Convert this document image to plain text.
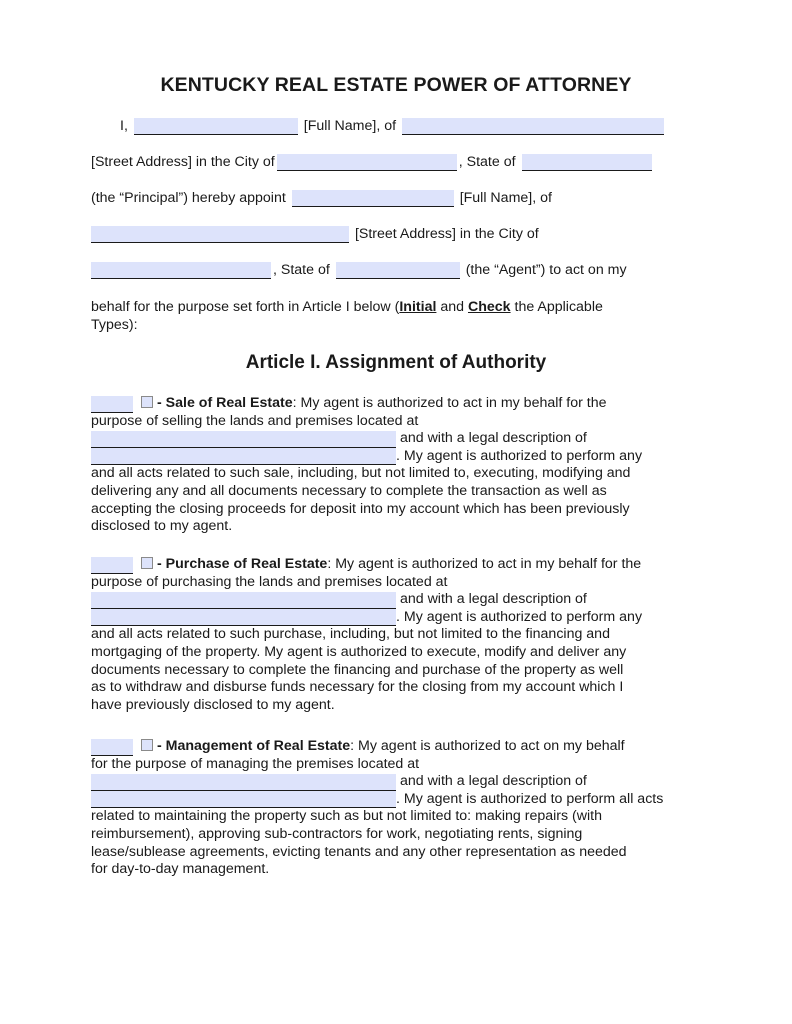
KENTUCKY REAL ESTATE POWER OF ATTORNEY
I,	[Full Name], of
[Street Address] in the City of	, State of
(the “Principal”) hereby appoint	[Full Name], of
[Street Address] in the City of
, State of	(the “Agent”) to act on my
behalf for the purpose set forth in Article I below (Initial and Check the Applicable
Types):
Article I. Assignment of Authority
- Sale of Real Estate: My agent is authorized to act in my behalf for the
purpose of selling the lands and premises located at
and with a legal description of
. My agent is authorized to perform any
and all acts related to such sale, including, but not limited to, executing, modifying and
delivering any and all documents necessary to complete the transaction as well as
accepting the closing proceeds for deposit into my account which has been previously
disclosed to my agent.
- Purchase of Real Estate: My agent is authorized to act in my behalf for the
purpose of purchasing the lands and premises located at
and with a legal description of
. My agent is authorized to perform any
and all acts related to such purchase, including, but not limited to the financing and
mortgaging of the property. My agent is authorized to execute, modify and deliver any
documents necessary to complete the financing and purchase of the property as well
as to withdraw and disburse funds necessary for the closing from my account which I
have previously disclosed to my agent.
- Management of Real Estate: My agent is authorized to act on my behalf
for the purpose of managing the premises located at
and with a legal description of
. My agent is authorized to perform all acts
related to maintaining the property such as but not limited to: making repairs (with
reimbursement), approving sub-contractors for work, negotiating rents, signing
lease/sublease agreements, evicting tenants and any other representation as needed
for day-to-day management.
